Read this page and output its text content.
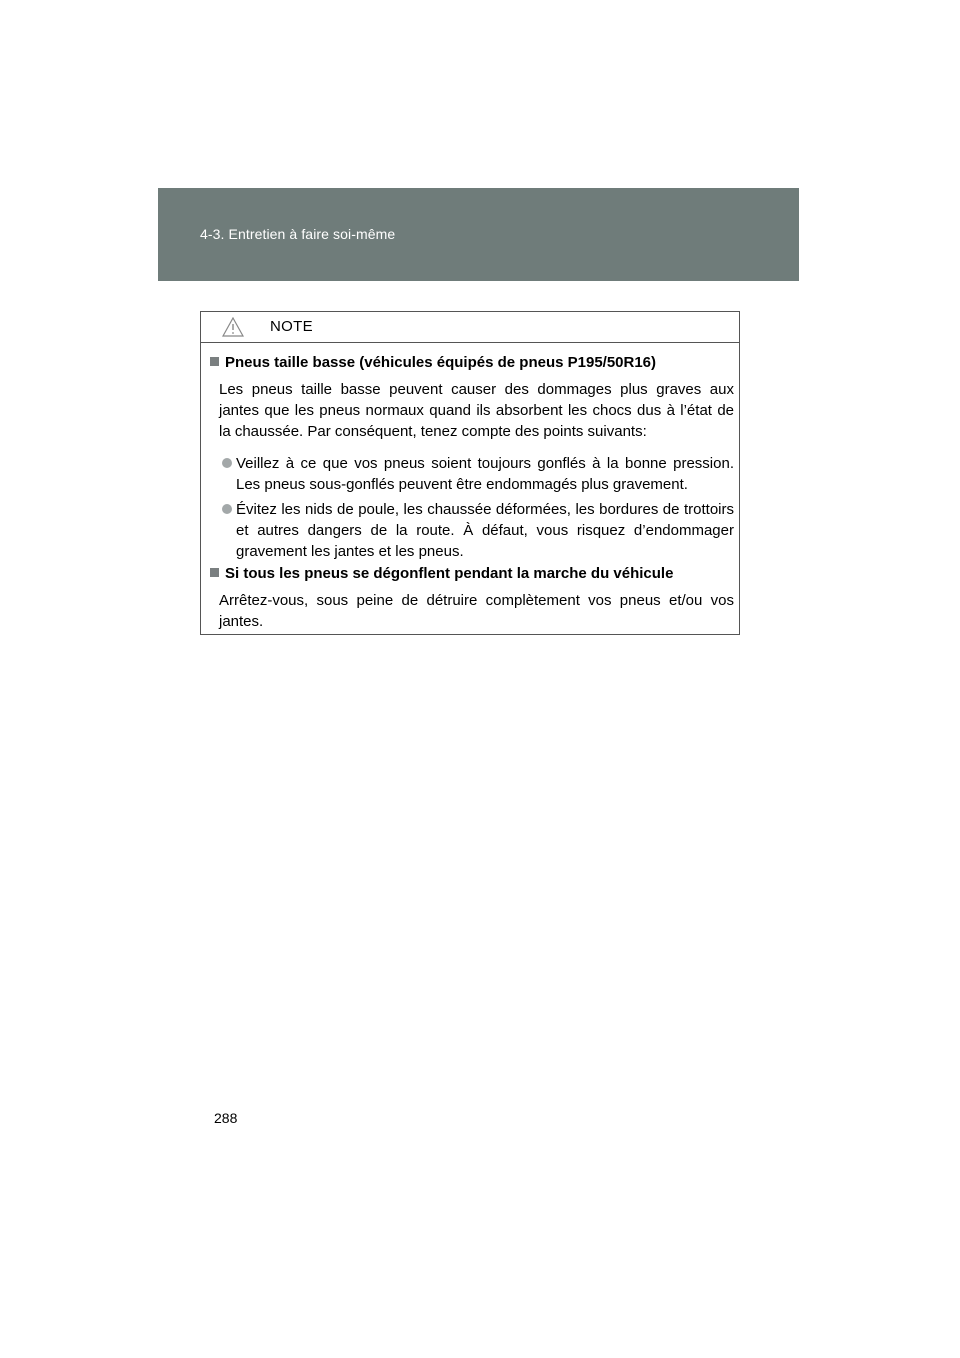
4-3. Entretien à faire soi-même
NOTE
Pneus taille basse (véhicules équipés de pneus P195/50R16)
Les pneus taille basse peuvent causer des dommages plus graves aux jantes que les pneus normaux quand ils absorbent les chocs dus à l’état de la chaussée. Par conséquent, tenez compte des points suivants:
Veillez à ce que vos pneus soient toujours gonflés à la bonne pression. Les pneus sous-gonflés peuvent être endommagés plus gravement.
Évitez les nids de poule, les chaussée déformées, les bordures de trottoirs et autres dangers de la route. À défaut, vous risquez d’endommager gravement les jantes et les pneus.
Si tous les pneus se dégonflent pendant la marche du véhicule
Arrêtez-vous, sous peine de détruire complètement vos pneus et/ou vos jantes.
288
